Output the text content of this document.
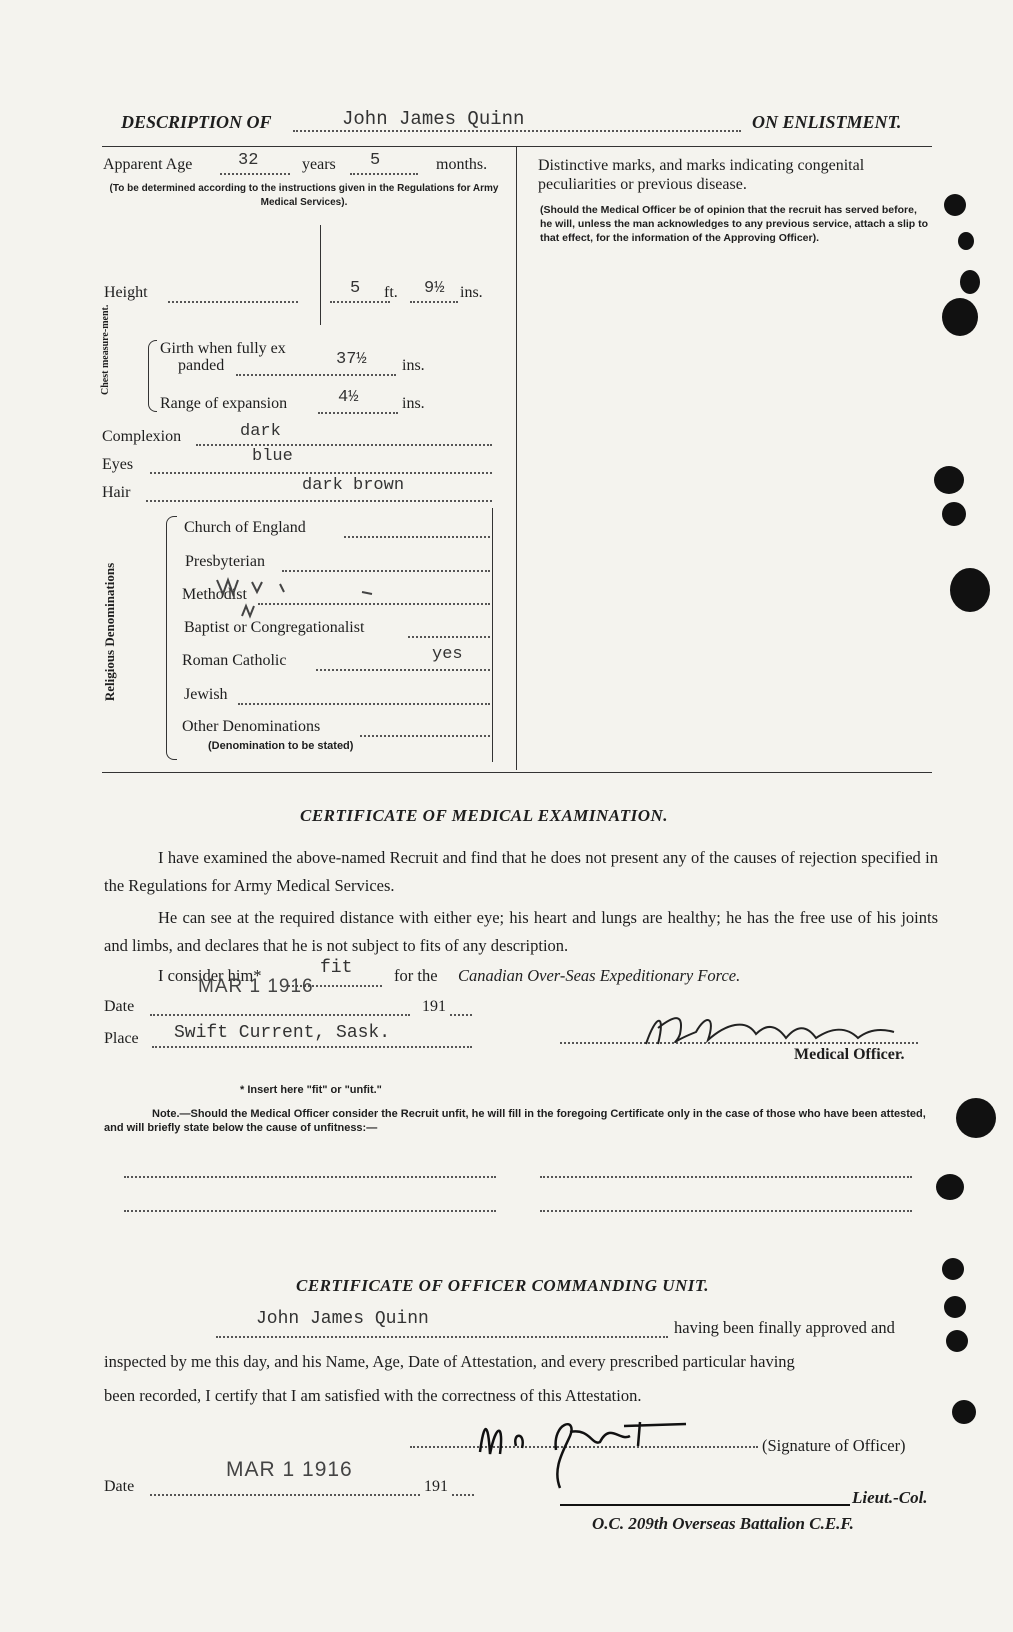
DESCRIPTION OF	John James Quinn	ON ENLISTMENT.
Apparent Age	32	years 5	months.
(To be determined according to the instructions given in the Regulations for Army Medical Services).
Height	5 ft. 9½ ins.
Chest measure-ment.	Girth when fully ex
panded	37½ ins.
Range of expansion	4½	ins.
Complexion	dark
Eyes	blue
Hair	dark brown
Religious Denominations
Church of England
Presbyterian
Methodist
Baptist or Congregationalist
Roman Catholic	yes
Jewish
Other Denominations
(Denomination to be stated)
Distinctive marks, and marks indicating congenital peculiarities or previous disease.
(Should the Medical Officer be of opinion that the recruit has served before, he will, unless the man acknowledges to any previous service, attach a slip to that effect, for the information of the Approving Officer).
CERTIFICATE OF MEDICAL EXAMINATION.
I have examined the above-named Recruit and find that he does not present any of the causes of rejection specified in the Regulations for Army Medical Services.
He can see at the required distance with either eye; his heart and lungs are healthy; he has the free use of his joints and limbs, and declares that he is not subject to fits of any description.
I consider him*	fit	for the Canadian Over-Seas Expeditionary Force.
Date
MAR 1 1916
191
Place Swift Current, Sask.
Medical Officer.
* Insert here "fit" or "unfit."
Note.—Should the Medical Officer consider the Recruit unfit, he will fill in the foregoing Certificate only in the case of those who have been attested, and will briefly state below the cause of unfitness:—
CERTIFICATE OF OFFICER COMMANDING UNIT.
John James Quinn	having been finally approved and
inspected by me this day, and his Name, Age, Date of Attestation, and every prescribed particular having
been recorded, I certify that I am satisfied with the correctness of this Attestation.
(Signature of Officer)
Date
MAR 1 1916
191
Lieut.-Col.
O.C. 209th Overseas Battalion C.E.F.
